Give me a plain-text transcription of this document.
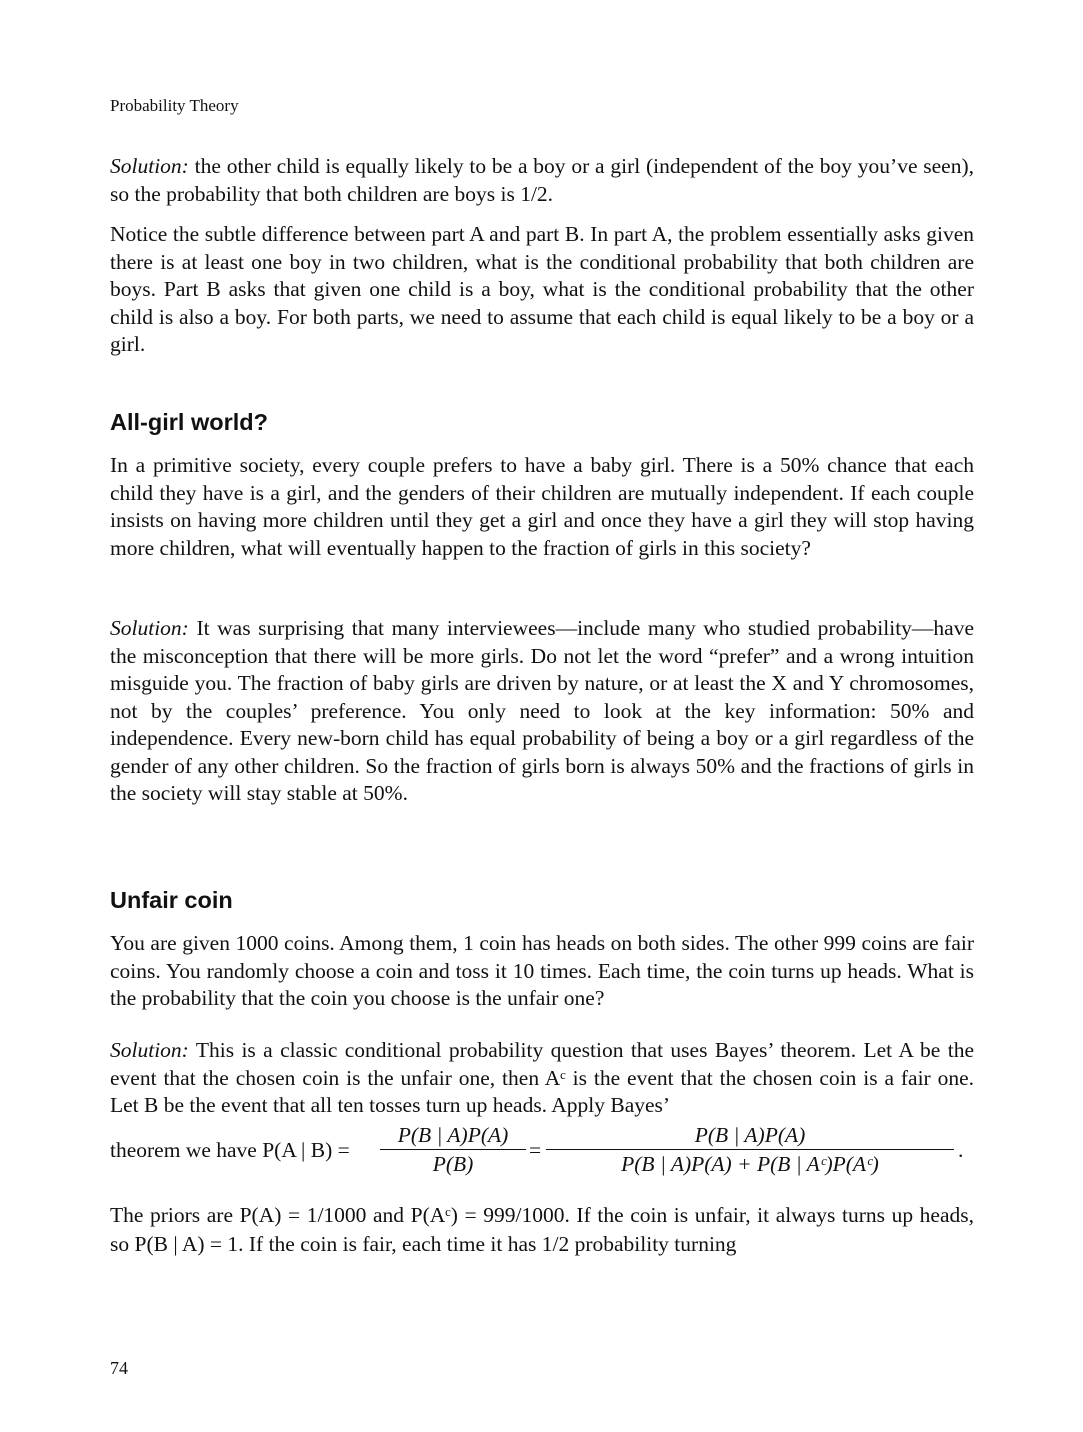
Probability Theory

Solution: the other child is equally likely to be a boy or a girl (independent of the boy you’ve seen), so the probability that both children are boys is 1/2.

Notice the subtle difference between part A and part B. In part A, the problem essentially asks given there is at least one boy in two children, what is the conditional probability that both children are boys. Part B asks that given one child is a boy, what is the conditional probability that the other child is also a boy. For both parts, we need to assume that each child is equal likely to be a boy or a girl.

All-girl world?

In a primitive society, every couple prefers to have a baby girl. There is a 50% chance that each child they have is a girl, and the genders of their children are mutually independent. If each couple insists on having more children until they get a girl and once they have a girl they will stop having more children, what will eventually happen to the fraction of girls in this society?

Solution: It was surprising that many interviewees—include many who studied probability—have the misconception that there will be more girls. Do not let the word “prefer” and a wrong intuition misguide you. The fraction of baby girls are driven by nature, or at least the X and Y chromosomes, not by the couples’ preference. You only need to look at the key information: 50% and independence. Every new-born child has equal probability of being a boy or a girl regardless of the gender of any other children. So the fraction of girls born is always 50% and the fractions of girls in the society will stay stable at 50%.

Unfair coin

You are given 1000 coins. Among them, 1 coin has heads on both sides. The other 999 coins are fair coins. You randomly choose a coin and toss it 10 times. Each time, the coin turns up heads. What is the probability that the coin you choose is the unfair one?

Solution: This is a classic conditional probability question that uses Bayes’ theorem. Let A be the event that the chosen coin is the unfair one, then Aᶜ is the event that the chosen coin is a fair one. Let B be the event that all ten tosses turn up heads. Apply Bayes’

theorem we have P(A | $B) = \frac{P(B | A)P(A)}{P(B)} = \frac{P(B | A)P(A)}{\text{P(B | A)P(A) + P(B | Aᶜ)P(Aᶜ)}}$ .

The priors are P(A) = 1/1000 and P(Aᶜ) = 999/1000. If the coin is unfair, it always turns up heads, so P(B | A) = 1. If the coin is fair, each time it has 1/2 probability turning

74
